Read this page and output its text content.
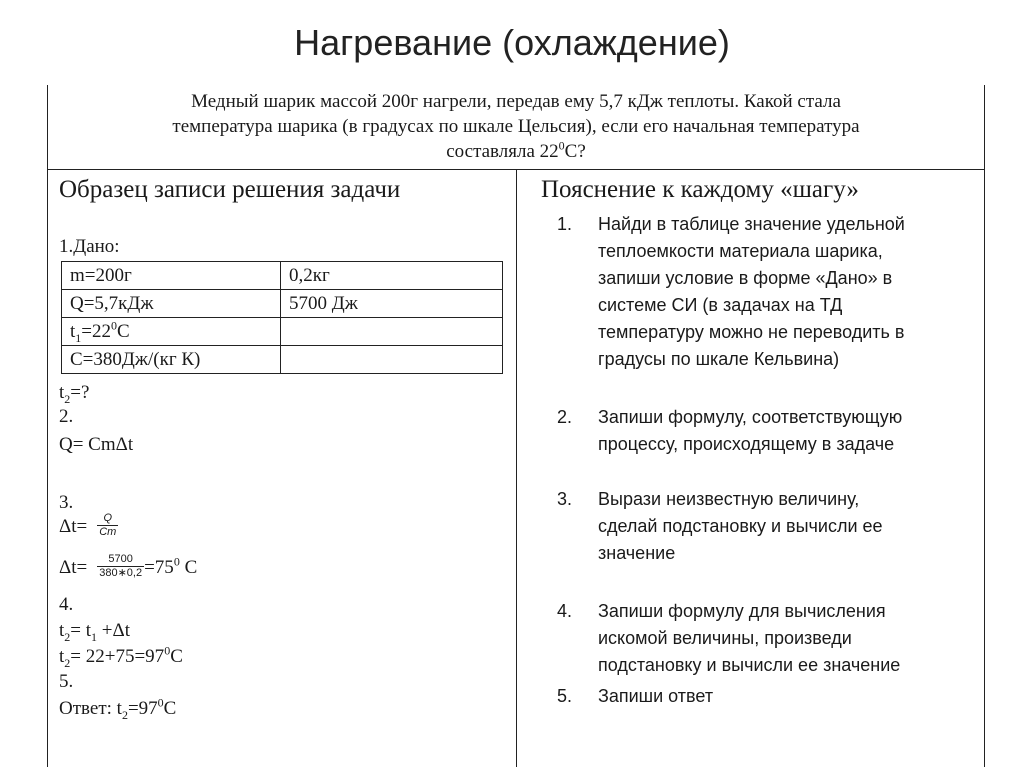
Нагревание (охлаждение)
Медный шарик массой 200г нагрели, передав ему 5,7 кДж теплоты. Какой стала
температура шарика (в градусах по шкале Цельсия), если его начальная температура
составляла $22^0С$?

Образец записи решения задачи

1.Дано:
m=200г	0,2кг
Q=5,7кДж	5700 Дж
$t_1=22^0С$	
С=380Дж/(кг К)	
$t_2=$?
2.
Q= СmΔt
3.
$\Delta t= \frac{Q}{Cm}$
$\Delta t= \frac{5700}{380∗0,2} =75^0$ С
4.
$t_2= t_1 +\Delta t$
$t_2= 22+75=97^0С$
5.
Ответ: $t_2=97^0С$

Пояснение к каждому «шагу»

1. Найди в таблице значение удельной
теплоемкости материала шарика,
запиши условие в форме «Дано» в
системе СИ (в задачах на ТД
температуру можно не переводить в
градусы по шкале Кельвина)
2. Запиши формулу, соответствующую
процессу, происходящему в задаче
3. Вырази неизвестную величину,
сделай подстановку и вычисли ее
значение
4. Запиши формулу для вычисления
искомой величины, произведи
подстановку и вычисли ее значение
5. Запиши ответ
